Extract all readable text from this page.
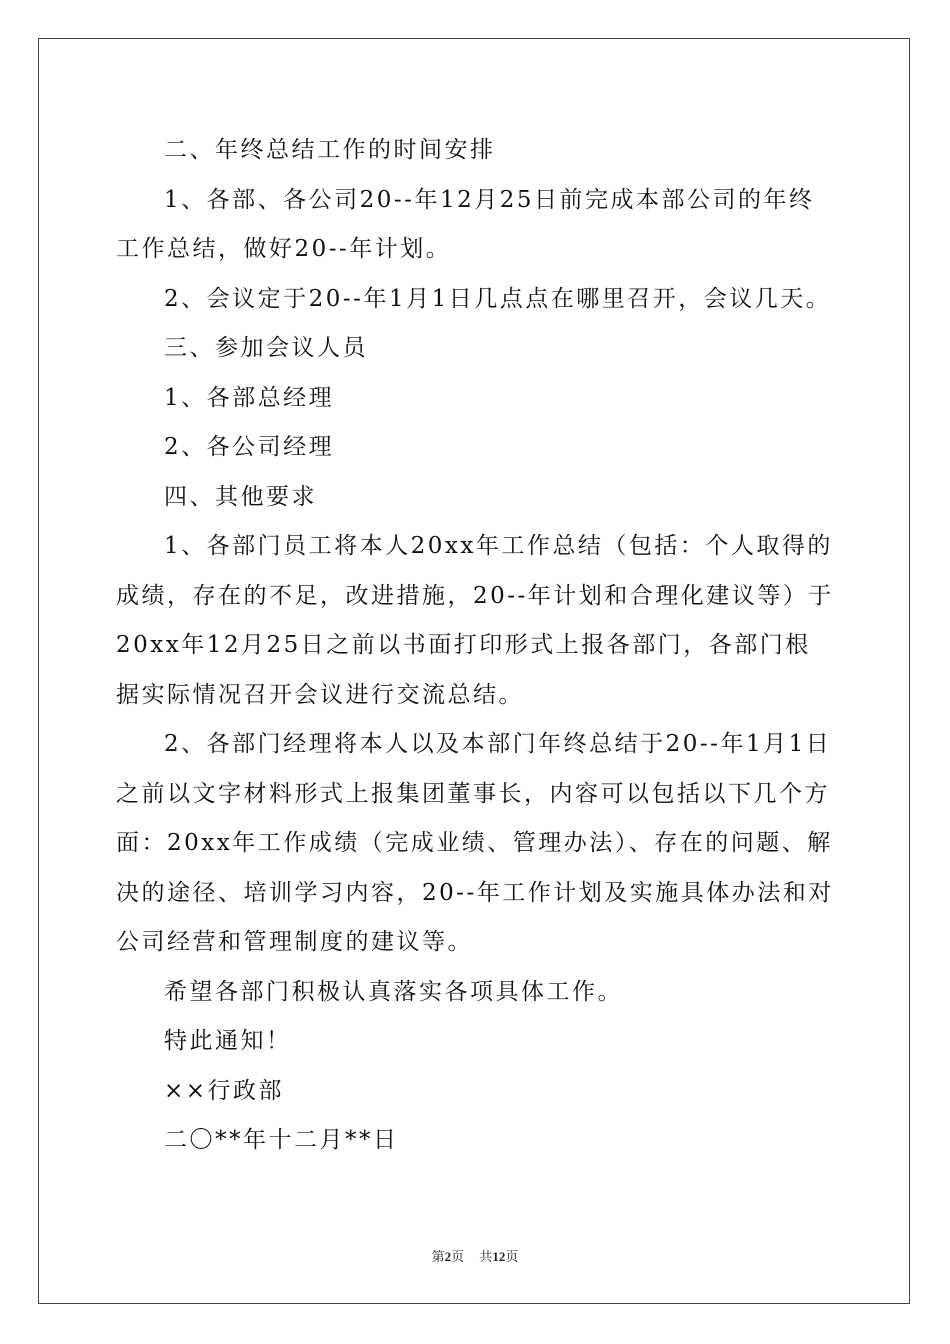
二、年终总结工作的时间安排

1、各部、各公司20--年12月25日前完成本部公司的年终工作总结，做好20--年计划。

2、会议定于20--年1月1日几点点在哪里召开，会议几天。

三、参加会议人员

1、各部总经理

2、各公司经理

四、其他要求

1、各部门员工将本人20xx年工作总结（包括：个人取得的成绩，存在的不足，改进措施，20--年计划和合理化建议等）于20xx年12月25日之前以书面打印形式上报各部门，各部门根据实际情况召开会议进行交流总结。

2、各部门经理将本人以及本部门年终总结于20--年1月1日之前以文字材料形式上报集团董事长，内容可以包括以下几个方面：20xx年工作成绩（完成业绩、管理办法）、存在的问题、解决的途径、培训学习内容，20--年工作计划及实施具体办法和对公司经营和管理制度的建议等。

希望各部门积极认真落实各项具体工作。

特此通知！

××行政部

二〇**年十二月**日

第2页 共12页
